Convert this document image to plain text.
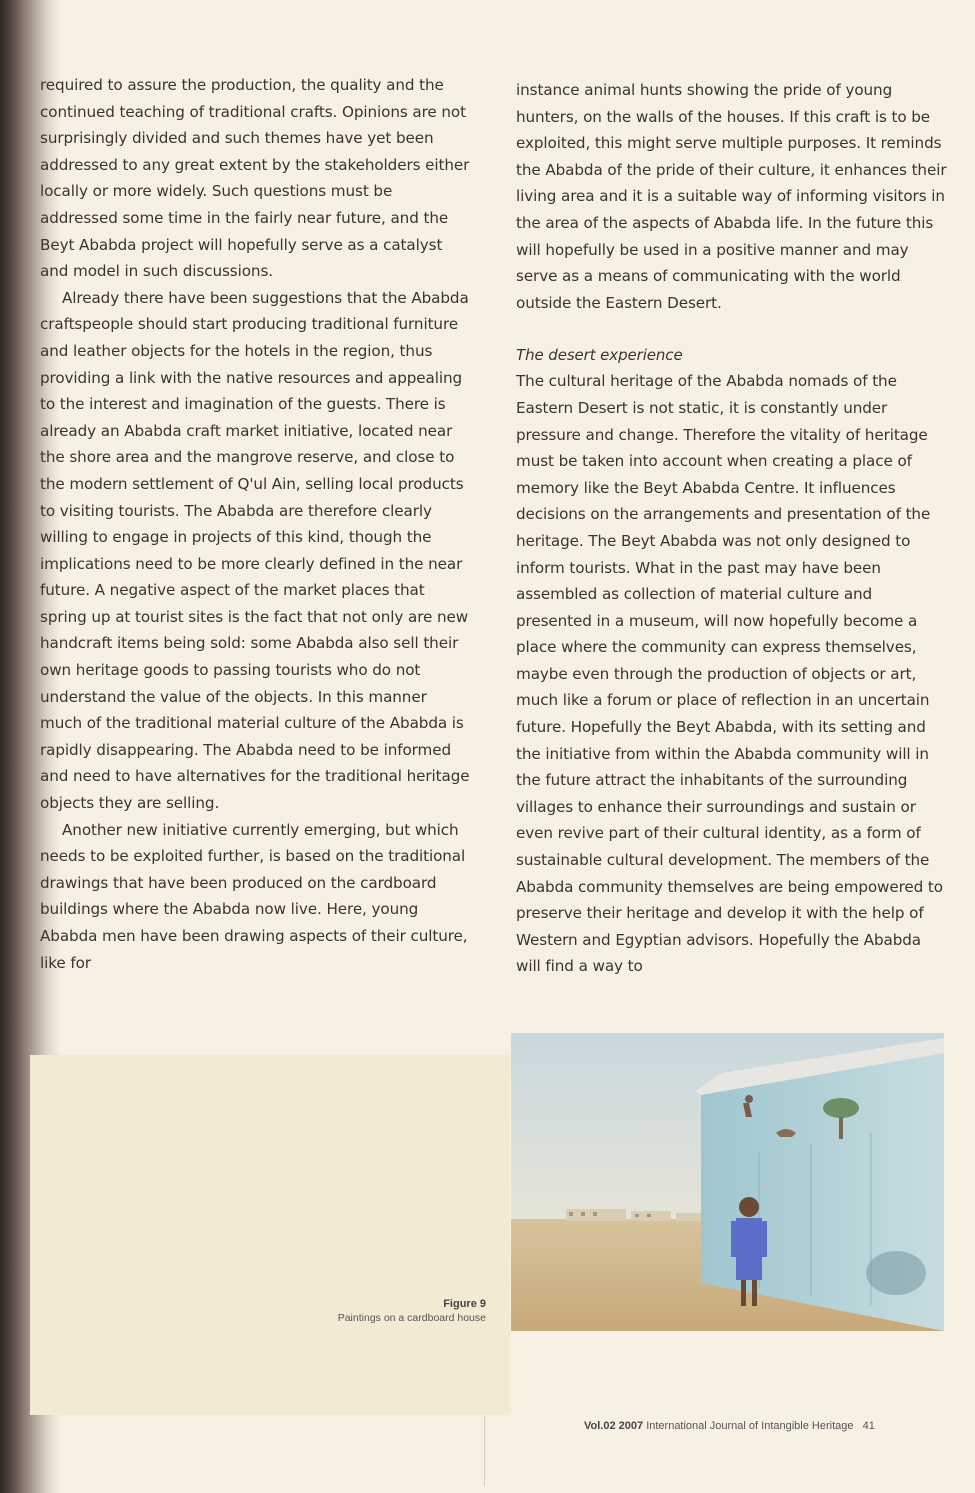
required to assure the production, the quality and the continued teaching of traditional crafts. Opinions are not surprisingly divided and such themes have yet been addressed to any great extent by the stakeholders either locally or more widely. Such questions must be addressed some time in the fairly near future, and the Beyt Ababda project will hopefully serve as a catalyst and model in such discussions.

Already there have been suggestions that the Ababda craftspeople should start producing traditional furniture and leather objects for the hotels in the region, thus providing a link with the native resources and appealing to the interest and imagination of the guests. There is already an Ababda craft market initiative, located near the shore area and the mangrove reserve, and close to the modern settlement of Q'ul Ain, selling local products to visiting tourists. The Ababda are therefore clearly willing to engage in projects of this kind, though the implications need to be more clearly defined in the near future. A negative aspect of the market places that spring up at tourist sites is the fact that not only are new handcraft items being sold: some Ababda also sell their own heritage goods to passing tourists who do not understand the value of the objects. In this manner much of the traditional material culture of the Ababda is rapidly disappearing. The Ababda need to be informed and need to have alternatives for the traditional heritage objects they are selling.

Another new initiative currently emerging, but which needs to be exploited further, is based on the traditional drawings that have been produced on the cardboard buildings where the Ababda now live. Here, young Ababda men have been drawing aspects of their culture, like for

instance animal hunts showing the pride of young hunters, on the walls of the houses. If this craft is to be exploited, this might serve multiple purposes. It reminds the Ababda of the pride of their culture, it enhances their living area and it is a suitable way of informing visitors in the area of the aspects of Ababda life. In the future this will hopefully be used in a positive manner and may serve as a means of communicating with the world outside the Eastern Desert.

The desert experience

The cultural heritage of the Ababda nomads of the Eastern Desert is not static, it is constantly under pressure and change. Therefore the vitality of heritage must be taken into account when creating a place of memory like the Beyt Ababda Centre. It influences decisions on the arrangements and presentation of the heritage. The Beyt Ababda was not only designed to inform tourists. What in the past may have been assembled as collection of material culture and presented in a museum, will now hopefully become a place where the community can express themselves, maybe even through the production of objects or art, much like a forum or place of reflection in an uncertain future. Hopefully the Beyt Ababda, with its setting and the initiative from within the Ababda community will in the future attract the inhabitants of the surrounding villages to enhance their surroundings and sustain or even revive part of their cultural identity, as a form of sustainable cultural development. The members of the Ababda community themselves are being empowered to preserve their heritage and develop it with the help of Western and Egyptian advisors. Hopefully the Ababda will find a way to

Figure 9
Paintings on a cardboard house
Vol.02 2007 International Journal of Intangible Heritage 41
